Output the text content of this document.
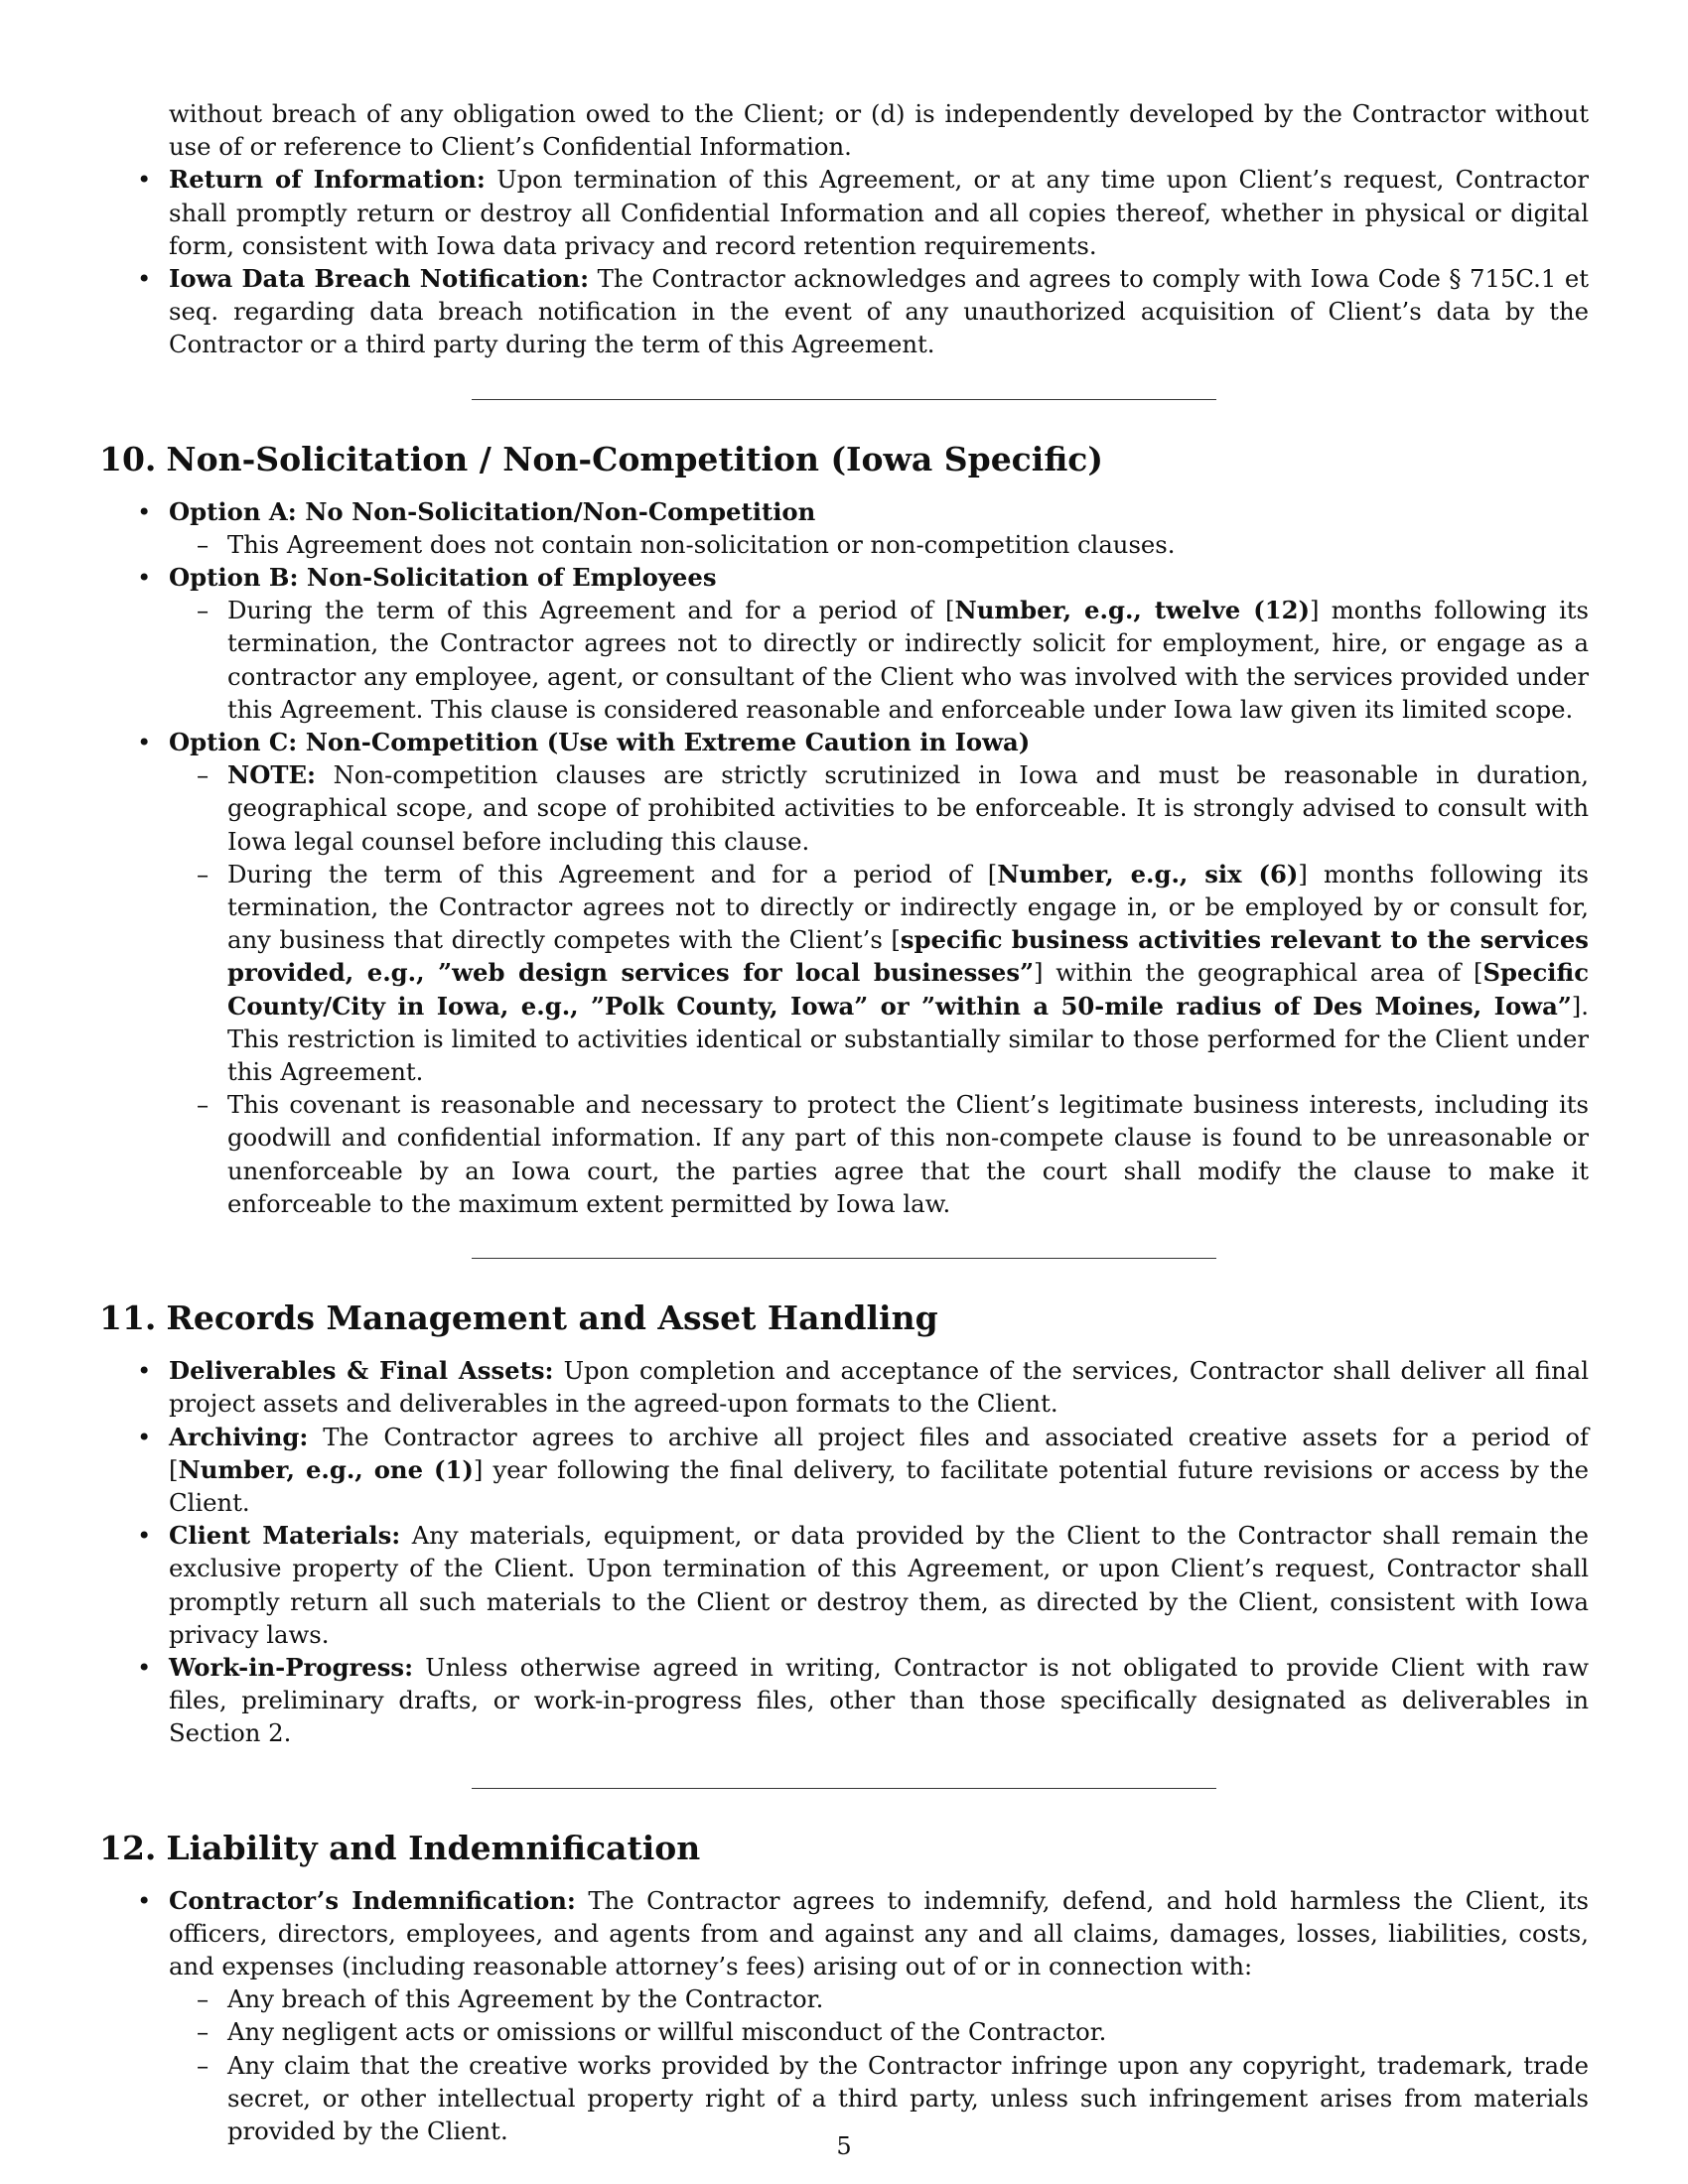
without breach of any obligation owed to the Client; or (d) is independently developed by the Contractor without use of or reference to Client’s Confidential Information.
• Return of Information: Upon termination of this Agreement, or at any time upon Client’s request, Contractor shall promptly return or destroy all Confidential Information and all copies thereof, whether in physical or digital form, consistent with Iowa data privacy and record retention requirements.
• Iowa Data Breach Notification: The Contractor acknowledges and agrees to comply with Iowa Code § 715C.1 et seq. regarding data breach notification in the event of any unauthorized acquisition of Client’s data by the Contractor or a third party during the term of this Agreement.
10. Non-Solicitation / Non-Competition (Iowa Specific)
• Option A: No Non-Solicitation/Non-Competition
– This Agreement does not contain non-solicitation or non-competition clauses.
• Option B: Non-Solicitation of Employees
– During the term of this Agreement and for a period of [Number, e.g., twelve (12)] months following its termination, the Contractor agrees not to directly or indirectly solicit for employment, hire, or engage as a contractor any employee, agent, or consultant of the Client who was involved with the services provided under this Agreement. This clause is considered reasonable and enforceable under Iowa law given its limited scope.
• Option C: Non-Competition (Use with Extreme Caution in Iowa)
– NOTE: Non-competition clauses are strictly scrutinized in Iowa and must be reasonable in duration, geographical scope, and scope of prohibited activities to be enforceable. It is strongly advised to consult with Iowa legal counsel before including this clause.
– During the term of this Agreement and for a period of [Number, e.g., six (6)] months following its termination, the Contractor agrees not to directly or indirectly engage in, or be employed by or consult for, any business that directly competes with the Client’s [specific business activities relevant to the services provided, e.g., ”web design services for local businesses”] within the geographical area of [Specific County/City in Iowa, e.g., ”Polk County, Iowa” or ”within a 50-mile radius of Des Moines, Iowa”]. This restriction is limited to activities identical or substantially similar to those performed for the Client under this Agreement.
– This covenant is reasonable and necessary to protect the Client’s legitimate business interests, including its goodwill and confidential information. If any part of this non-compete clause is found to be unreasonable or unenforceable by an Iowa court, the parties agree that the court shall modify the clause to make it enforceable to the maximum extent permitted by Iowa law.
11. Records Management and Asset Handling
• Deliverables & Final Assets: Upon completion and acceptance of the services, Contractor shall deliver all final project assets and deliverables in the agreed-upon formats to the Client.
• Archiving: The Contractor agrees to archive all project files and associated creative assets for a period of [Number, e.g., one (1)] year following the final delivery, to facilitate potential future revisions or access by the Client.
• Client Materials: Any materials, equipment, or data provided by the Client to the Contractor shall remain the exclusive property of the Client. Upon termination of this Agreement, or upon Client’s request, Contractor shall promptly return all such materials to the Client or destroy them, as directed by the Client, consistent with Iowa privacy laws.
• Work-in-Progress: Unless otherwise agreed in writing, Contractor is not obligated to provide Client with raw files, preliminary drafts, or work-in-progress files, other than those specifically designated as deliverables in Section 2.
12. Liability and Indemnification
• Contractor’s Indemnification: The Contractor agrees to indemnify, defend, and hold harmless the Client, its officers, directors, employees, and agents from and against any and all claims, damages, losses, liabilities, costs, and expenses (including reasonable attorney’s fees) arising out of or in connection with:
– Any breach of this Agreement by the Contractor.
– Any negligent acts or omissions or willful misconduct of the Contractor.
– Any claim that the creative works provided by the Contractor infringe upon any copyright, trademark, trade secret, or other intellectual property right of a third party, unless such infringement arises from materials provided by the Client.
5
